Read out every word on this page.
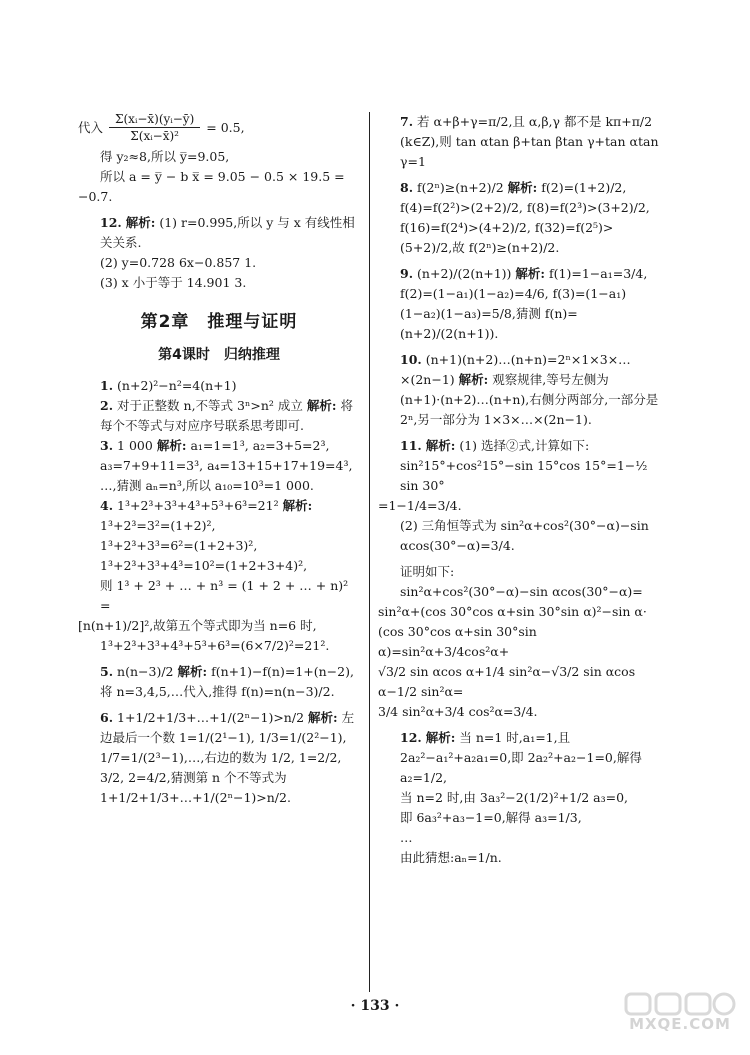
代入 $\frac{\text{Σ(xᵢ−x̄)(yᵢ−ȳ)}}{\text{Σ(xᵢ−x̄)²}} = 0.5$,

得 y₂≈8,所以 y̅=9.05,

所以 a = y̅ − b x̅ = 9.05 − 0.5 × 19.5 =

−0.7.

12. 解析: (1) r=0.995,所以 y 与 x 有线性相关关系.

(2) y=0.728 6x−0.857 1.

(3) x 小于等于 14.901 3.

第2章　推理与证明
第4课时　归纳推理

1. (n+2)²−n²=4(n+1)

2. 对于正整数 n,不等式 3ⁿ>n² 成立 解析: 将每个不等式与对应序号联系思考即可.

3. 1 000 解析: a₁=1=1³, a₂=3+5=2³, a₃=7+9+11=3³, a₄=13+15+17+19=4³, …,猜测 aₙ=n³,所以 a₁₀=10³=1 000.

4. 1³+2³+3³+4³+5³+6³=21² 解析:

1³+2³=3²=(1+2)²,

1³+2³+3³=6²=(1+2+3)²,

1³+2³+3³+4³=10²=(1+2+3+4)²,

则 1³ + 2³ + … + n³ = (1 + 2 + … + n)² =

[n(n+1)/2]²,故第五个等式即为当 n=6 时,

1³+2³+3³+4³+5³+6³=(6×7/2)²=21².

5. n(n−3)/2 解析: f(n+1)−f(n)=1+(n−2),将 n=3,4,5,…代入,推得 f(n)=n(n−3)/2.

6. 1+1/2+1/3+…+1/(2ⁿ−1)>n/2 解析: 左边最后一个数 1=1/(2¹−1), 1/3=1/(2²−1), 1/7=1/(2³−1),…,右边的数为 1/2, 1=2/2, 3/2, 2=4/2,猜测第 n 个不等式为 1+1/2+1/3+…+1/(2ⁿ−1)>n/2.

7. 若 α+β+γ=π/2,且 α,β,γ 都不是 kπ+π/2 (k∈Z),则 tan αtan β+tan βtan γ+tan αtan γ=1

8. f(2ⁿ)≥(n+2)/2 解析: f(2)=(1+2)/2, f(4)=f(2²)>(2+2)/2, f(8)=f(2³)>(3+2)/2, f(16)=f(2⁴)>(4+2)/2, f(32)=f(2⁵)>(5+2)/2,故 f(2ⁿ)≥(n+2)/2.

9. (n+2)/(2(n+1)) 解析: f(1)=1−a₁=3/4, f(2)=(1−a₁)(1−a₂)=4/6, f(3)=(1−a₁)(1−a₂)(1−a₃)=5/8,猜测 f(n)=(n+2)/(2(n+1)).

10. (n+1)(n+2)…(n+n)=2ⁿ×1×3×…×(2n−1) 解析: 观察规律,等号左侧为(n+1)·(n+2)…(n+n),右侧分两部分,一部分是 2ⁿ,另一部分为 1×3×…×(2n−1).

11. 解析: (1) 选择②式,计算如下:

sin²15°+cos²15°−sin 15°cos 15°=1−½ sin 30°

=1−1/4=3/4.

(2) 三角恒等式为 sin²α+cos²(30°−α)−sin αcos(30°−α)=3/4.

证明如下:

sin²α+cos²(30°−α)−sin αcos(30°−α)=

sin²α+(cos 30°cos α+sin 30°sin α)²−sin α·

(cos 30°cos α+sin 30°sin α)=sin²α+3/4cos²α+

√3/2 sin αcos α+1/4 sin²α−√3/2 sin αcos α−1/2 sin²α=

3/4 sin²α+3/4 cos²α=3/4.

12. 解析: 当 n=1 时,a₁=1,且 2a₂²−a₁²+a₂a₁=0,即 2a₂²+a₂−1=0,解得 a₂=1/2,

当 n=2 时,由 3a₃²−2(1/2)²+1/2 a₃=0,

即 6a₃²+a₃−1=0,解得 a₃=1/3,

…

由此猜想:aₙ=1/n.

· 133 ·
MXQE.COM
